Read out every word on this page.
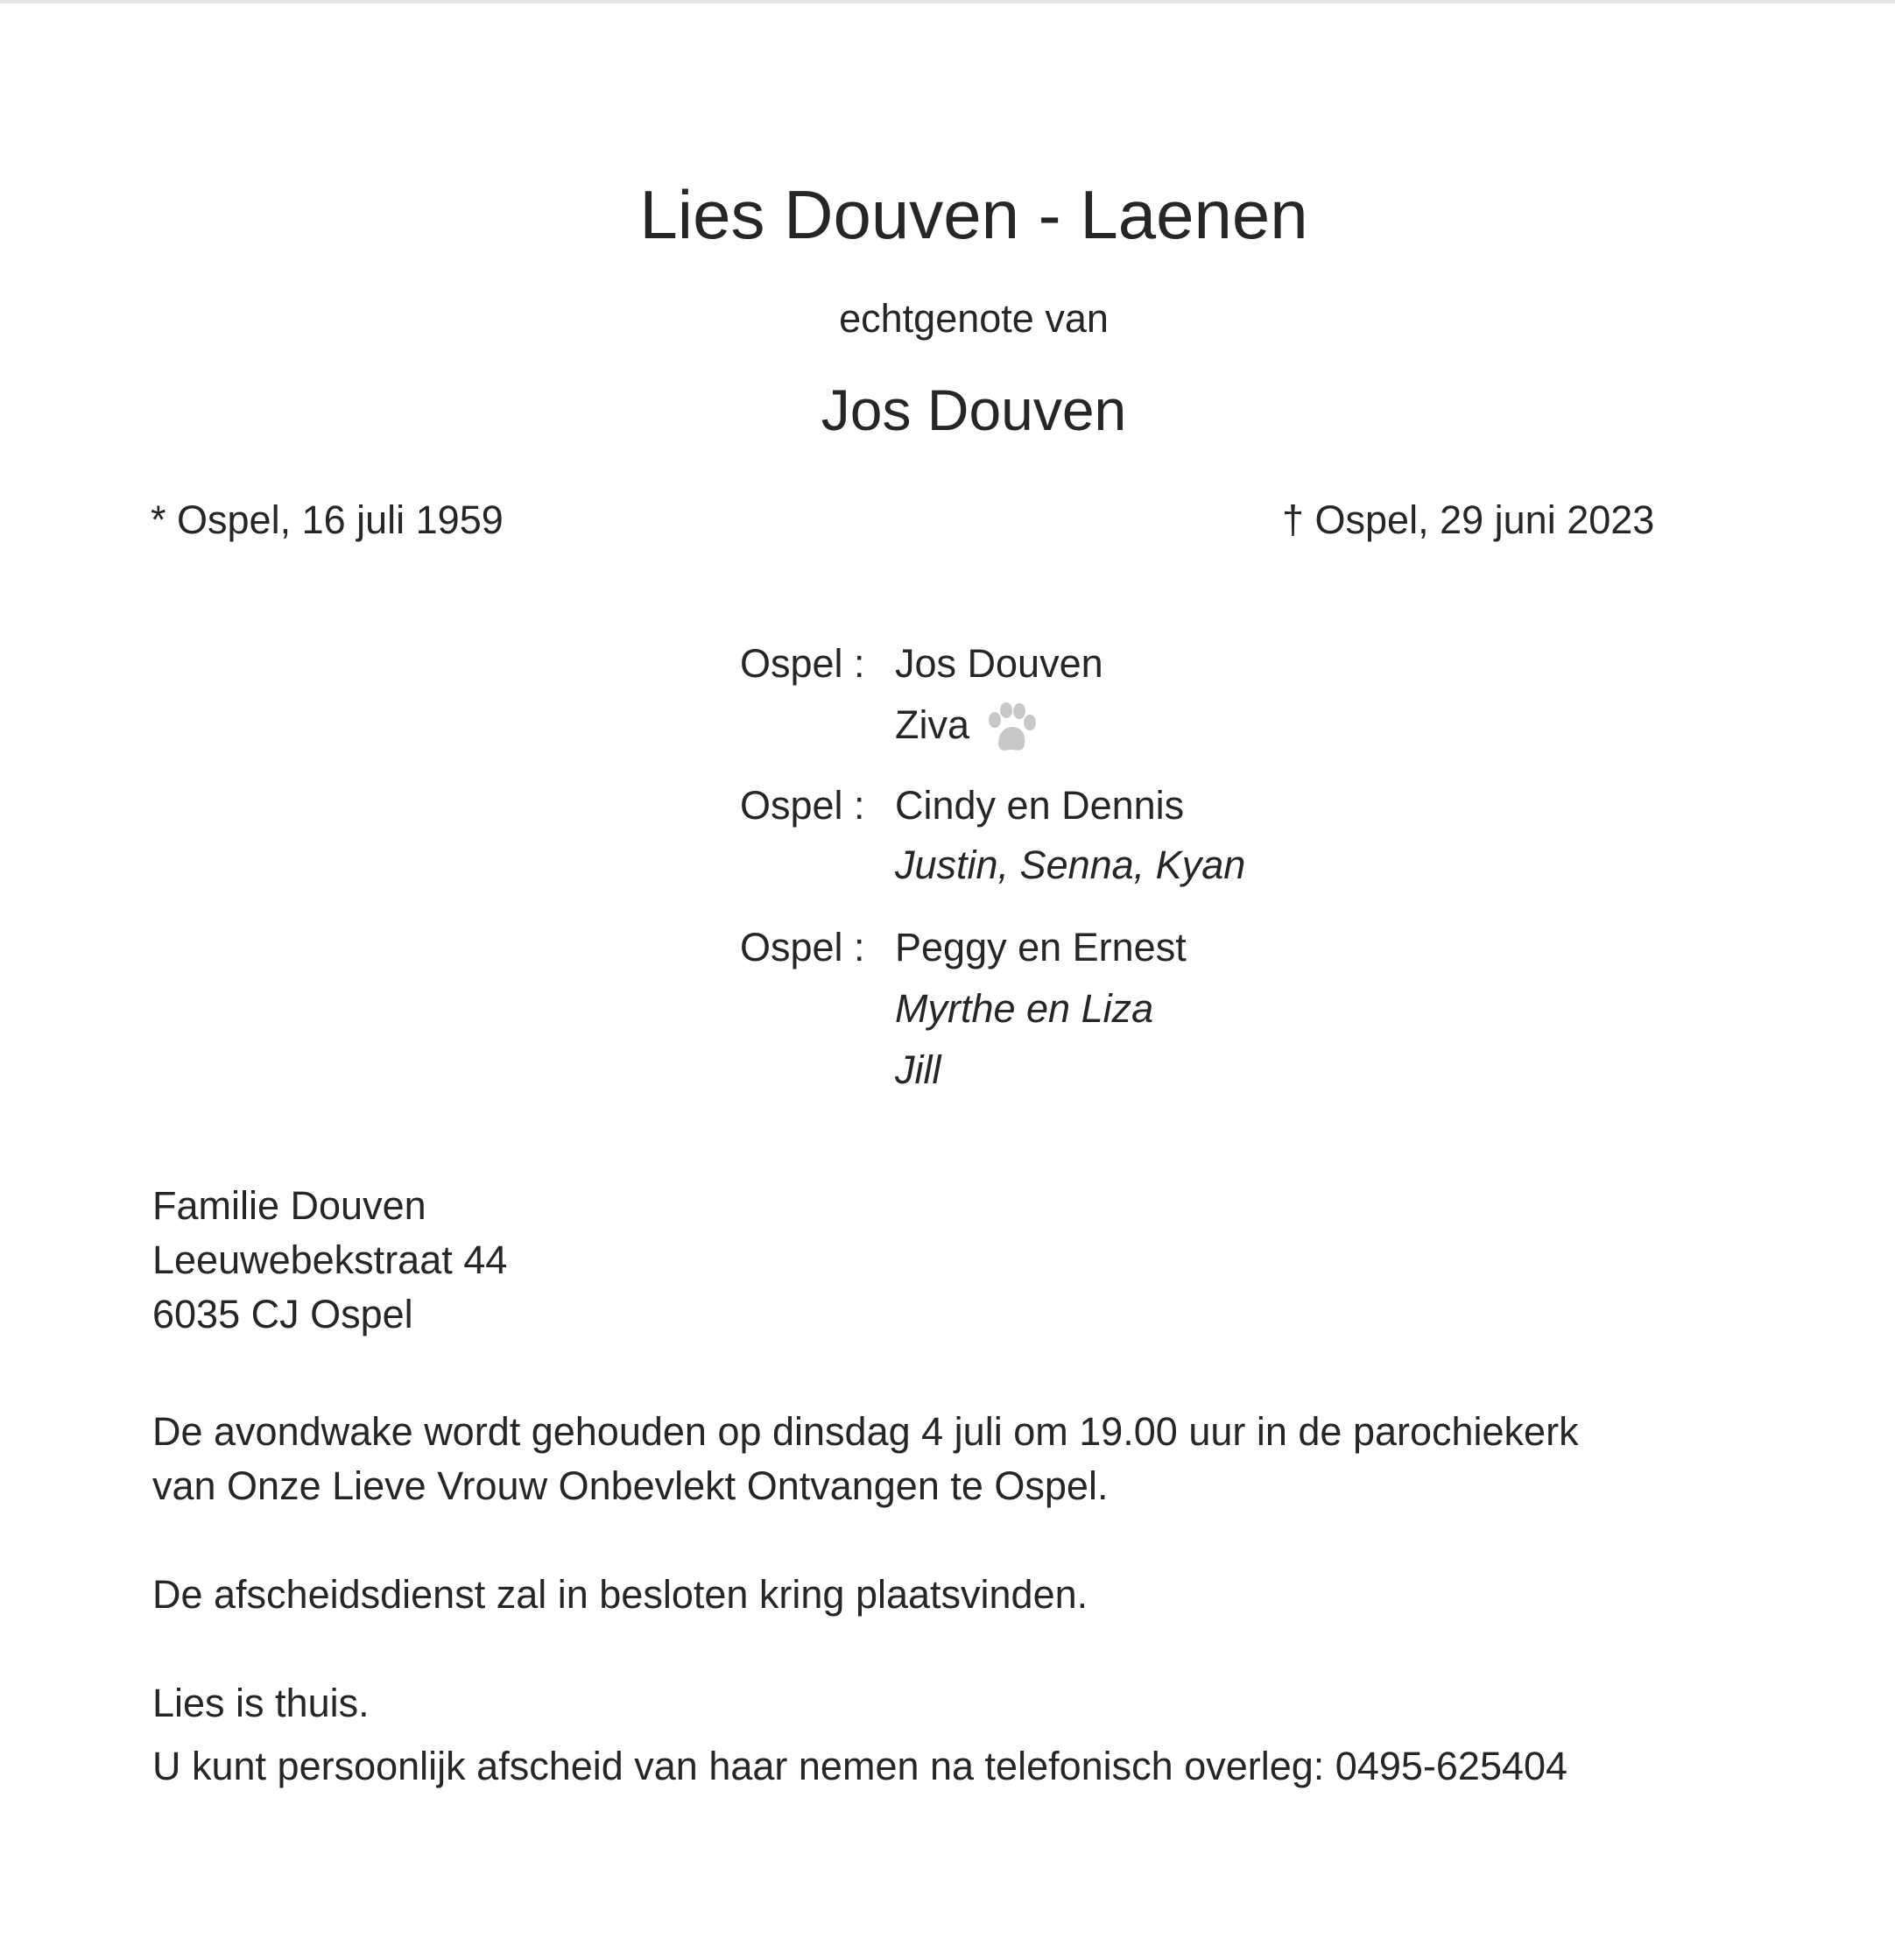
Lies Douven - Laenen
echtgenote van
Jos Douven
* Ospel, 16 juli 1959	† Ospel, 29 juni 2023
Ospel : Jos Douven
Ziva
Ospel : Cindy en Dennis
Justin, Senna, Kyan
Ospel : Peggy en Ernest
Myrthe en Liza
Jill
Familie Douven
Leeuwebekstraat 44
6035 CJ Ospel
De avondwake wordt gehouden op dinsdag 4 juli om 19.00 uur in de parochiekerk
van Onze Lieve Vrouw Onbevlekt Ontvangen te Ospel.
De afscheidsdienst zal in besloten kring plaatsvinden.
Lies is thuis.
U kunt persoonlijk afscheid van haar nemen na telefonisch overleg: 0495-625404
